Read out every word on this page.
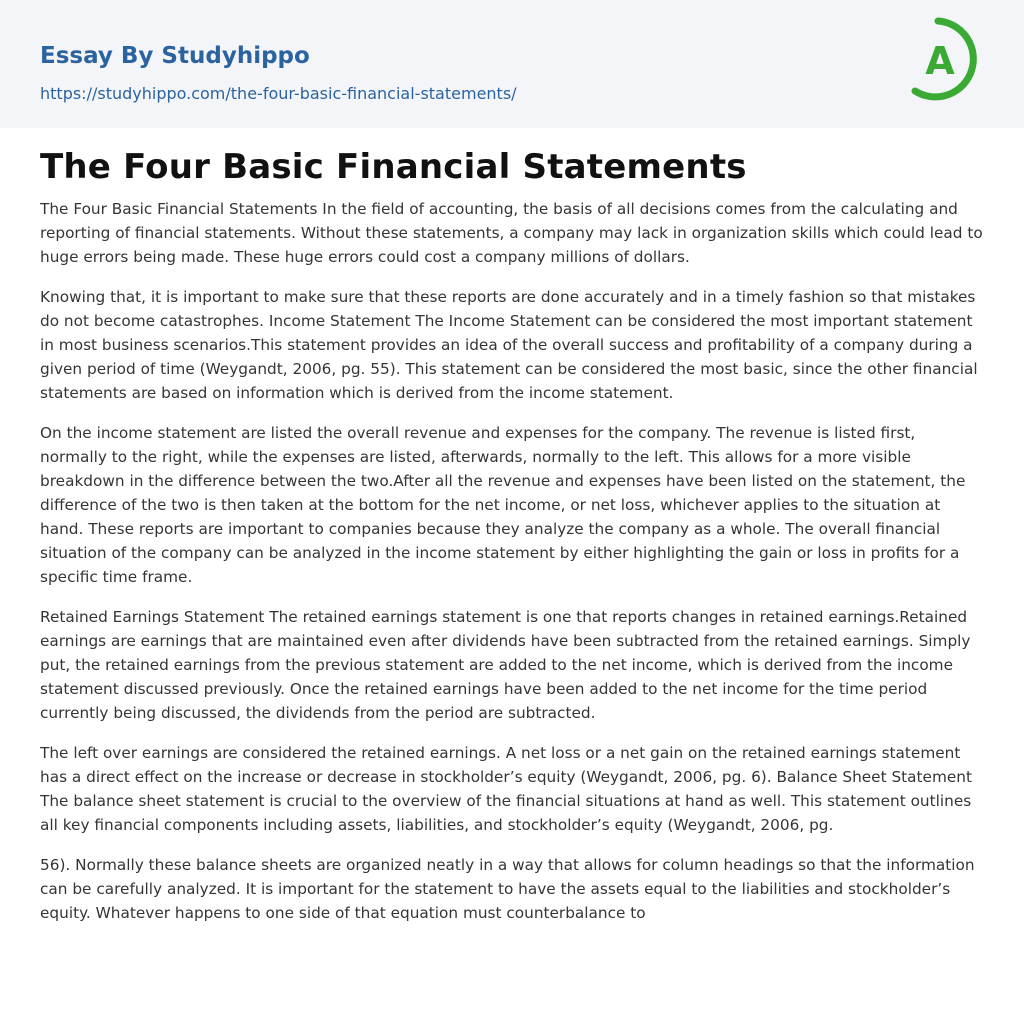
Essay By Studyhippo
https://studyhippo.com/the-four-basic-financial-statements/
A
The Four Basic Financial Statements

The Four Basic Financial Statements In the field of accounting, the basis of all decisions comes from the calculating and reporting of financial statements. Without these statements, a company may lack in organization skills which could lead to huge errors being made. These huge errors could cost a company millions of dollars.

Knowing that, it is important to make sure that these reports are done accurately and in a timely fashion so that mistakes do not become catastrophes. Income Statement The Income Statement can be considered the most important statement in most business scenarios.This statement provides an idea of the overall success and profitability of a company during a given period of time (Weygandt, 2006, pg. 55). This statement can be considered the most basic, since the other financial statements are based on information which is derived from the income statement.

On the income statement are listed the overall revenue and expenses for the company. The revenue is listed first, normally to the right, while the expenses are listed, afterwards, normally to the left. This allows for a more visible breakdown in the difference between the two.After all the revenue and expenses have been listed on the statement, the difference of the two is then taken at the bottom for the net income, or net loss, whichever applies to the situation at hand. These reports are important to companies because they analyze the company as a whole. The overall financial situation of the company can be analyzed in the income statement by either highlighting the gain or loss in profits for a specific time frame.

Retained Earnings Statement The retained earnings statement is one that reports changes in retained earnings.Retained earnings are earnings that are maintained even after dividends have been subtracted from the retained earnings. Simply put, the retained earnings from the previous statement are added to the net income, which is derived from the income statement discussed previously. Once the retained earnings have been added to the net income for the time period currently being discussed, the dividends from the period are subtracted.

The left over earnings are considered the retained earnings. A net loss or a net gain on the retained earnings statement has a direct effect on the increase or decrease in stockholder’s equity (Weygandt, 2006, pg. 6). Balance Sheet Statement The balance sheet statement is crucial to the overview of the financial situations at hand as well. This statement outlines all key financial components including assets, liabilities, and stockholder’s equity (Weygandt, 2006, pg.

56). Normally these balance sheets are organized neatly in a way that allows for column headings so that the information can be carefully analyzed. It is important for the statement to have the assets equal to the liabilities and stockholder’s equity. Whatever happens to one side of that equation must counterbalance to
